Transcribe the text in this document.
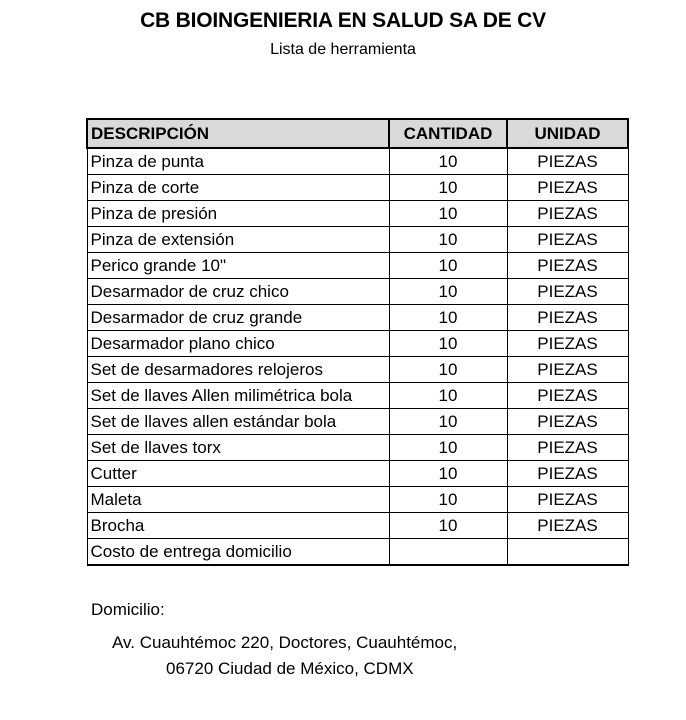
CB BIOINGENIERIA EN SALUD SA DE CV
Lista de herramienta
DESCRIPCIÓN	CANTIDAD	UNIDAD
Pinza de punta	10	PIEZAS
Pinza de corte	10	PIEZAS
Pinza de presión	10	PIEZAS
Pinza de extensión	10	PIEZAS
Perico grande 10"	10	PIEZAS
Desarmador de cruz chico	10	PIEZAS
Desarmador de cruz grande	10	PIEZAS
Desarmador plano chico	10	PIEZAS
Set de desarmadores relojeros	10	PIEZAS
Set de llaves Allen milimétrica bola	10	PIEZAS
Set de llaves allen estándar bola	10	PIEZAS
Set de llaves torx	10	PIEZAS
Cutter	10	PIEZAS
Maleta	10	PIEZAS
Brocha	10	PIEZAS
Costo de entrega domicilio		
Domicilio:
Av. Cuauhtémoc 220, Doctores, Cuauhtémoc,
06720 Ciudad de México, CDMX
